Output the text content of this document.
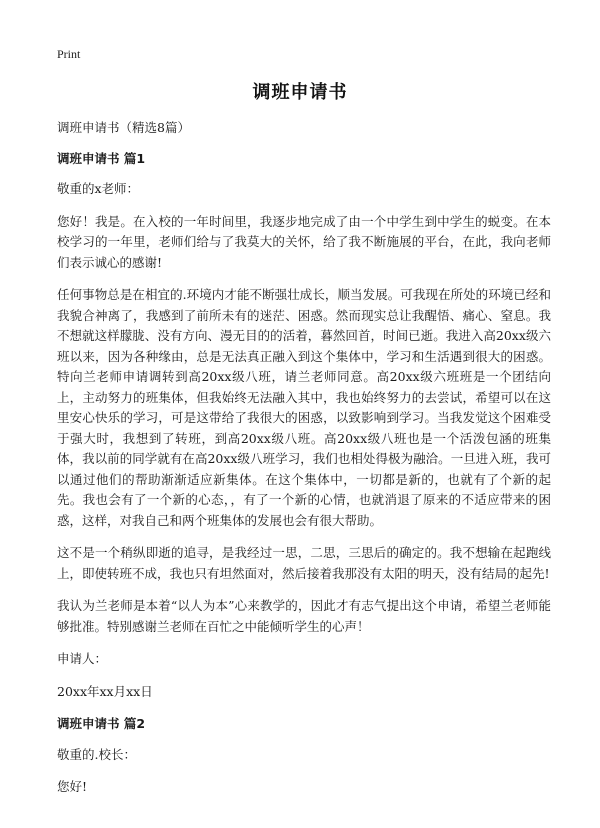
Print
调班申请书

调班申请书（精选8篇）

调班申请书 篇1

敬重的x老师：

您好！我是。在入校的一年时间里，我逐步地完成了由一个中学生到中学生的蜕变。在本校学习的一年里，老师们给与了我莫大的关怀，给了我不断施展的平台，在此，我向老师们表示诚心的感谢!

任何事物总是在相宜的.环境内才能不断强壮成长，顺当发展。可我现在所处的环境已经和我貌合神离了，我感到了前所未有的迷茫、困惑。然而现实总让我醒悟、痛心、窒息。我不想就这样朦胧、没有方向、漫无目的的活着，暮然回首，时间已逝。我进入高20xx级六班以来，因为各种缘由，总是无法真正融入到这个集体中，学习和生活遇到很大的困惑。特向兰老师申请调转到高20xx级八班，请兰老师同意。高20xx级六班班是一个团结向上，主动努力的班集体，但我始终无法融入其中，我也始终努力的去尝试，希望可以在这里安心快乐的学习，可是这带给了我很大的困惑，以致影响到学习。当我发觉这个困难受于强大时，我想到了转班，到高20xx级八班。高20xx级八班也是一个活泼包涵的班集体，我以前的同学就有在高20xx级八班学习，我们也相处得极为融洽。一旦进入班，我可以通过他们的帮助渐渐适应新集体。在这个集体中，一切都是新的，也就有了个新的起先。我也会有了一个新的心态，，有了一个新的心情，也就消退了原来的不适应带来的困惑，这样，对我自己和两个班集体的发展也会有很大帮助。

这不是一个稍纵即逝的追寻，是我经过一思，二思，三思后的确定的。我不想输在起跑线上，即使转班不成，我也只有坦然面对，然后接着我那没有太阳的明天，没有结局的起先!

我认为兰老师是本着“以人为本”心来教学的，因此才有志气提出这个申请，希望兰老师能够批准。特别感谢兰老师在百忙之中能倾听学生的心声！

申请人：

20xx年xx月xx日

调班申请书 篇2

敬重的.校长：

您好!
